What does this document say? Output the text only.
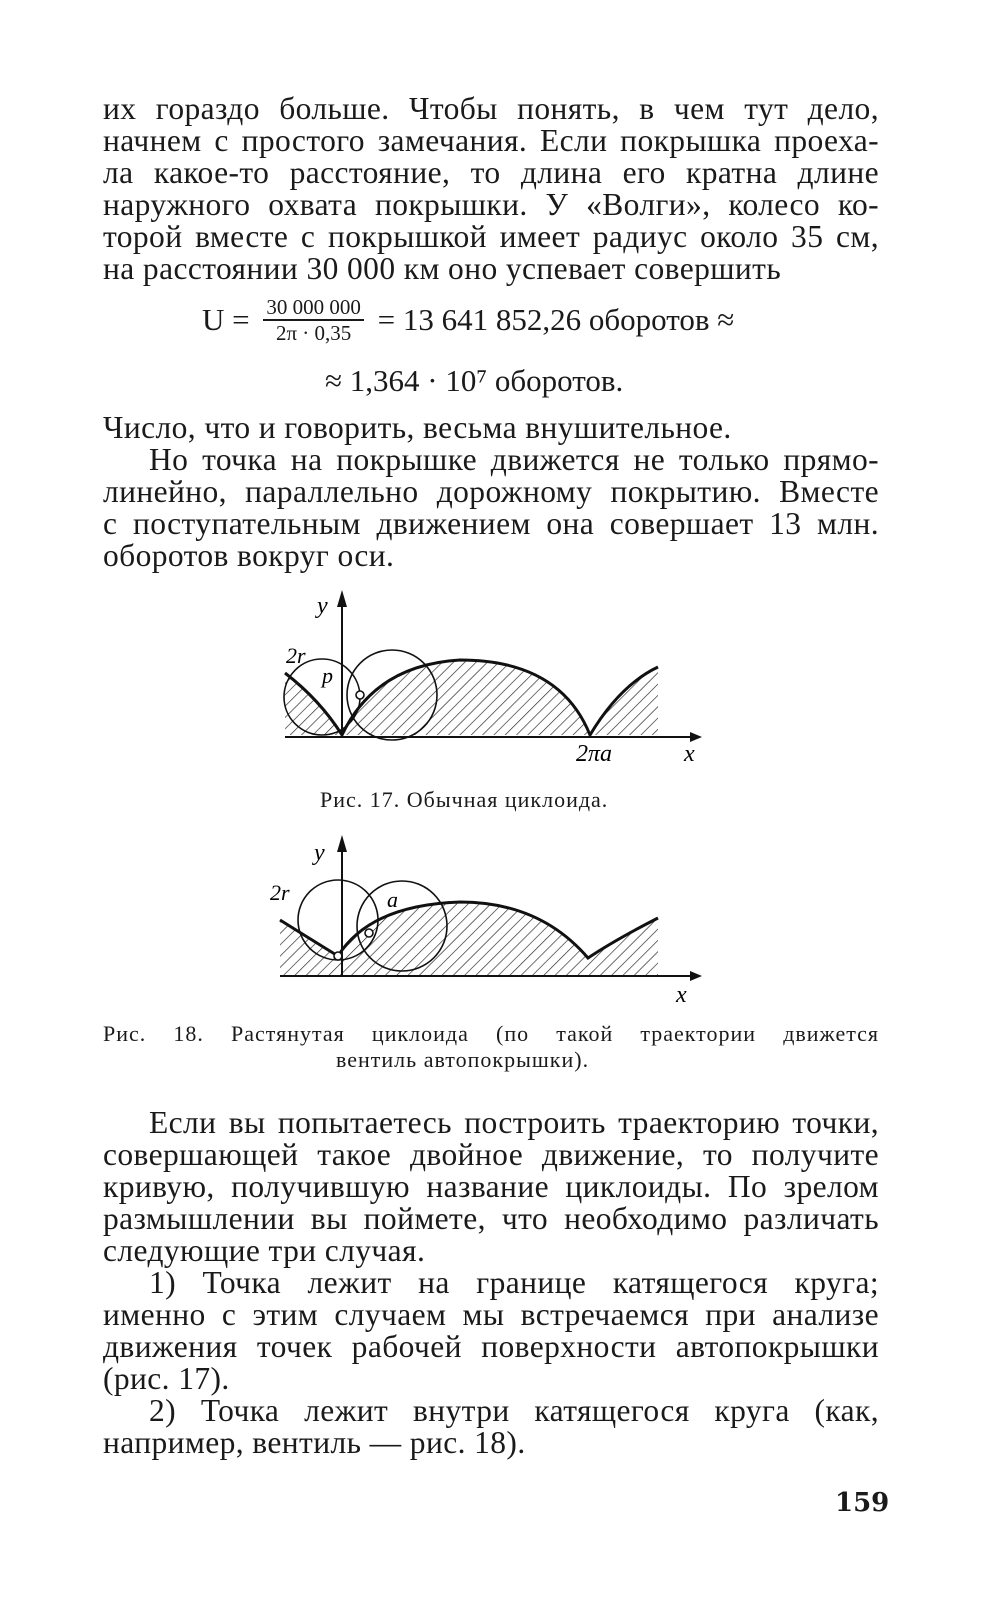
их гораздо больше. Чтобы понять, в чем тут дело,
начнем с простого замечания. Если покрышка проеха-
ла какое-то расстояние, то длина его кратна длине
наружного охвата покрышки. У «Волги», колесо ко-
торой вместе с покрышкой имеет радиус около 35 см,
на расстоянии 30 000 км оно успевает совершить
$U = \frac{30 000 000}{2\pi \cdot 0,35} = 13$ 641 852,26 оборотов ≈
≈ 1,364 · 10⁷ оборотов.
Число, что и говорить, весьма внушительное.
Но точка на покрышке движется не только прямо-
линейно, параллельно дорожному покрытию. Вместе
с поступательным движением она совершает 13 млн.
оборотов вокруг оси.
y
2r
p
2πa	x
Рис. 17. Обычная циклоида.
y
2r	a
x
Рис. 18. Растянутая циклоида (по такой траектории движется
вентиль автопокрышки).
Если вы попытаетесь построить траекторию точки,
совершающей такое двойное движение, то получите
кривую, получившую название циклоиды. По зрелом
размышлении вы поймете, что необходимо различать
следующие три случая.
1) Точка лежит на границе катящегося круга;
именно с этим случаем мы встречаемся при анализе
движения точек рабочей поверхности автопокрышки
(рис. 17).
2) Точка лежит внутри катящегося круга (как,
например, вентиль — рис. 18).
159
